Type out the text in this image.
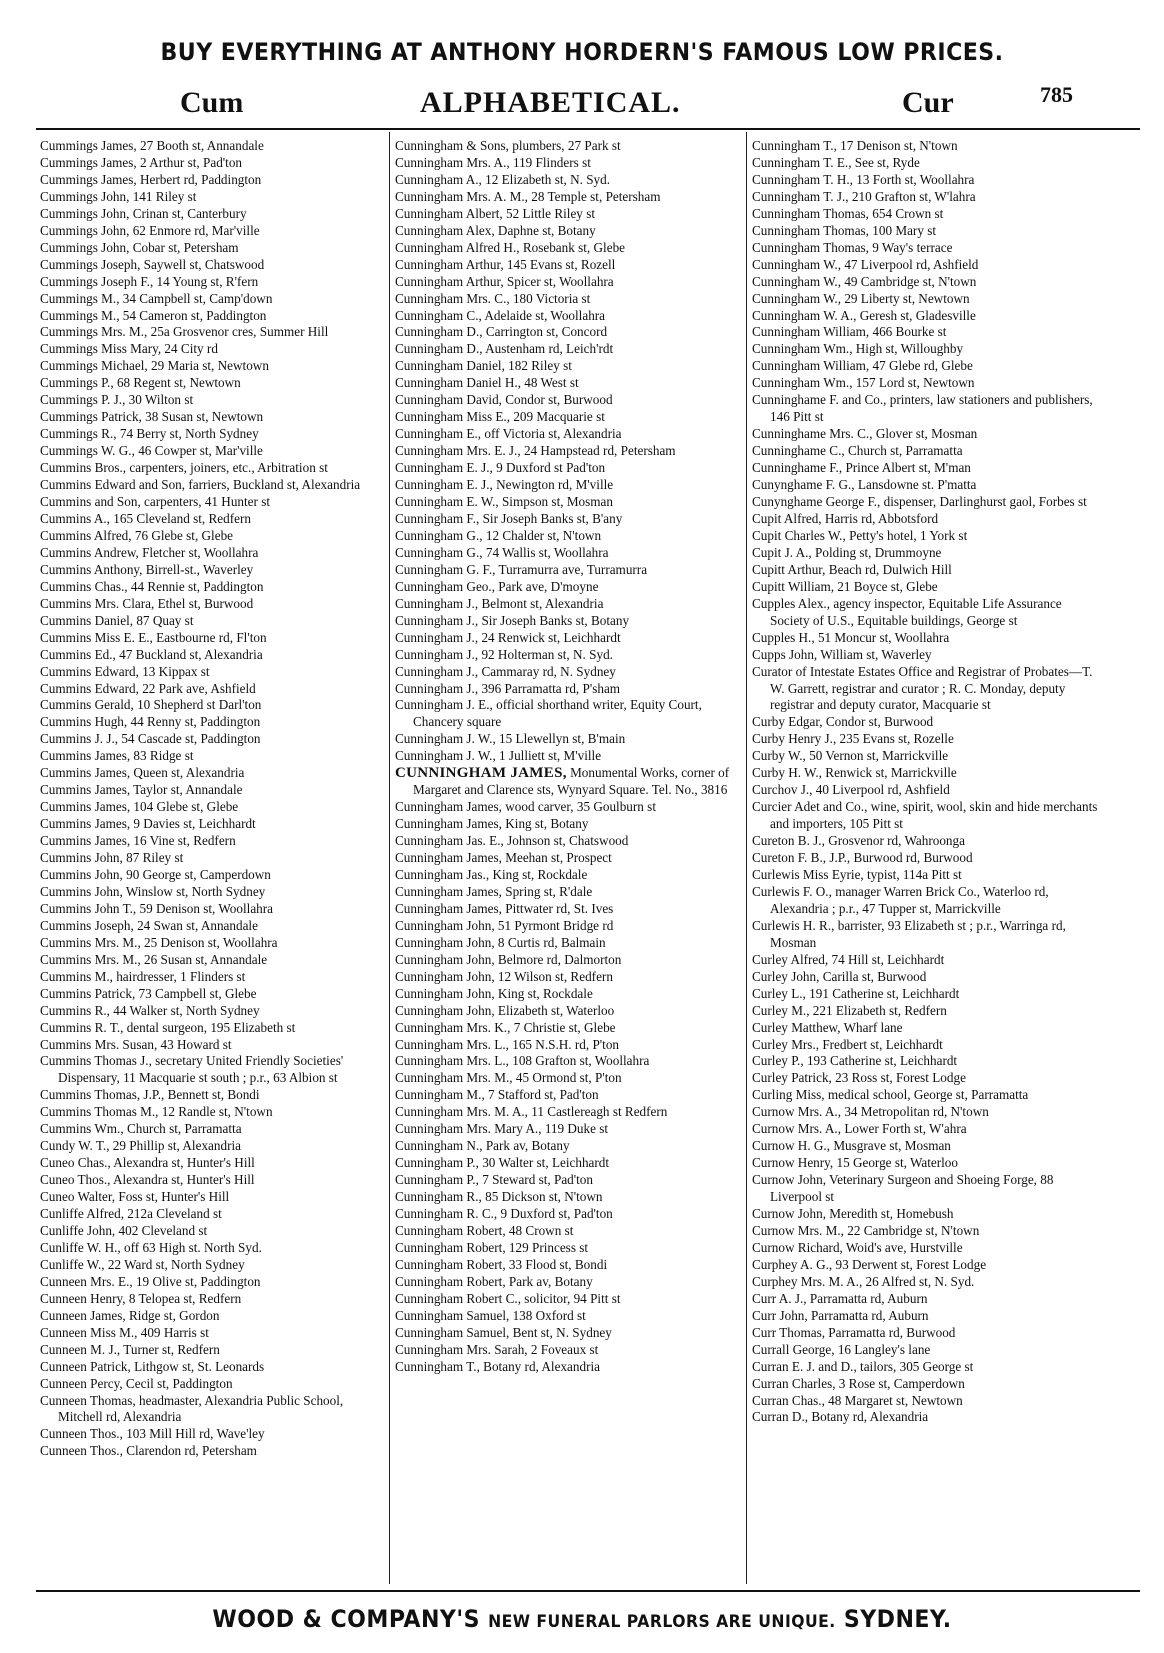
BUY EVERYTHING AT ANTHONY HORDERN'S FAMOUS LOW PRICES.
Cum	ALPHABETICAL.	Cur	785
Cummings James, 27 Booth st, Annandale
Cummings James, 2 Arthur st, Pad'ton
Cummings James, Herbert rd, Paddington
Cummings John, 141 Riley st
Cummings John, Crinan st, Canterbury
Cummings John, 62 Enmore rd, Mar'ville
Cummings John, Cobar st, Petersham
Cummings Joseph, Saywell st, Chatswood
Cummings Joseph F., 14 Young st, R'fern
Cummings M., 34 Campbell st, Camp'down
Cummings M., 54 Cameron st, Paddington
Cummings Mrs. M., 25a Grosvenor cres, Summer Hill
Cummings Miss Mary, 24 City rd
Cummings Michael, 29 Maria st, Newtown
Cummings P., 68 Regent st, Newtown
Cummings P. J., 30 Wilton st
Cummings Patrick, 38 Susan st, Newtown
Cummings R., 74 Berry st, North Sydney
Cummings W. G., 46 Cowper st, Mar'ville
Cummins Bros., carpenters, joiners, etc., Arbitration st
Cummins Edward and Son, farriers, Buckland st, Alexandria
Cummins and Son, carpenters, 41 Hunter st
Cummins A., 165 Cleveland st, Redfern
Cummins Alfred, 76 Glebe st, Glebe
Cummins Andrew, Fletcher st, Woollahra
Cummins Anthony, Birrell-st., Waverley
Cummins Chas., 44 Rennie st, Paddington
Cummins Mrs. Clara, Ethel st, Burwood
Cummins Daniel, 87 Quay st
Cummins Miss E. E., Eastbourne rd, Fl'ton
Cummins Ed., 47 Buckland st, Alexandria
Cummins Edward, 13 Kippax st
Cummins Edward, 22 Park ave, Ashfield
Cummins Gerald, 10 Shepherd st Darl'ton
Cummins Hugh, 44 Renny st, Paddington
Cummins J. J., 54 Cascade st, Paddington
Cummins James, 83 Ridge st
Cummins James, Queen st, Alexandria
Cummins James, Taylor st, Annandale
Cummins James, 104 Glebe st, Glebe
Cummins James, 9 Davies st, Leichhardt
Cummins James, 16 Vine st, Redfern
Cummins John, 87 Riley st
Cummins John, 90 George st, Camperdown
Cummins John, Winslow st, North Sydney
Cummins John T., 59 Denison st, Woollahra
Cummins Joseph, 24 Swan st, Annandale
Cummins Mrs. M., 25 Denison st, Woollahra
Cummins Mrs. M., 26 Susan st, Annandale
Cummins M., hairdresser, 1 Flinders st
Cummins Patrick, 73 Campbell st, Glebe
Cummins R., 44 Walker st, North Sydney
Cummins R. T., dental surgeon, 195 Elizabeth st
Cummins Mrs. Susan, 43 Howard st
Cummins Thomas J., secretary United Friendly Societies' Dispensary, 11 Macquarie st south ; p.r., 63 Albion st
Cummins Thomas, J.P., Bennett st, Bondi
Cummins Thomas M., 12 Randle st, N'town
Cummins Wm., Church st, Parramatta
Cundy W. T., 29 Phillip st, Alexandria
Cuneo Chas., Alexandra st, Hunter's Hill
Cuneo Thos., Alexandra st, Hunter's Hill
Cuneo Walter, Foss st, Hunter's Hill
Cunliffe Alfred, 212a Cleveland st
Cunliffe John, 402 Cleveland st
Cunliffe W. H., off 63 High st. North Syd.
Cunliffe W., 22 Ward st, North Sydney
Cunneen Mrs. E., 19 Olive st, Paddington
Cunneen Henry, 8 Telopea st, Redfern
Cunneen James, Ridge st, Gordon
Cunneen Miss M., 409 Harris st
Cunneen M. J., Turner st, Redfern
Cunneen Patrick, Lithgow st, St. Leonards
Cunneen Percy, Cecil st, Paddington
Cunneen Thomas, headmaster, Alexandria Public School, Mitchell rd, Alexandria
Cunneen Thos., 103 Mill Hill rd, Wave'ley
Cunneen Thos., Clarendon rd, Petersham
Cunningham & Sons, plumbers, 27 Park st
Cunningham Mrs. A., 119 Flinders st
Cunningham A., 12 Elizabeth st, N. Syd.
Cunningham Mrs. A. M., 28 Temple st, Petersham
Cunningham Albert, 52 Little Riley st
Cunningham Alex, Daphne st, Botany
Cunningham Alfred H., Rosebank st, Glebe
Cunningham Arthur, 145 Evans st, Rozell
Cunningham Arthur, Spicer st, Woollahra
Cunningham Mrs. C., 180 Victoria st
Cunningham C., Adelaide st, Woollahra
Cunningham D., Carrington st, Concord
Cunningham D., Austenham rd, Leich'rdt
Cunningham Daniel, 182 Riley st
Cunningham Daniel H., 48 West st
Cunningham David, Condor st, Burwood
Cunningham Miss E., 209 Macquarie st
Cunningham E., off Victoria st, Alexandria
Cunningham Mrs. E. J., 24 Hampstead rd, Petersham
Cunningham E. J., 9 Duxford st Pad'ton
Cunningham E. J., Newington rd, M'ville
Cunningham E. W., Simpson st, Mosman
Cunningham F., Sir Joseph Banks st, B'any
Cunningham G., 12 Chalder st, N'town
Cunningham G., 74 Wallis st, Woollahra
Cunningham G. F., Turramurra ave, Turramurra
Cunningham Geo., Park ave, D'moyne
Cunningham J., Belmont st, Alexandria
Cunningham J., Sir Joseph Banks st, Botany
Cunningham J., 24 Renwick st, Leichhardt
Cunningham J., 92 Holterman st, N. Syd.
Cunningham J., Cammaray rd, N. Sydney
Cunningham J., 396 Parramatta rd, P'sham
Cunningham J. E., official shorthand writer, Equity Court, Chancery square
Cunningham J. W., 15 Llewellyn st, B'main
Cunningham J. W., 1 Julliett st, M'ville
CUNNINGHAM JAMES, Monumental Works, corner of Margaret and Clarence sts, Wynyard Square. Tel. No., 3816
Cunningham James, wood carver, 35 Goulburn st
Cunningham James, King st, Botany
Cunningham Jas. E., Johnson st, Chatswood
Cunningham James, Meehan st, Prospect
Cunningham Jas., King st, Rockdale
Cunningham James, Spring st, R'dale
Cunningham James, Pittwater rd, St. Ives
Cunningham John, 51 Pyrmont Bridge rd
Cunningham John, 8 Curtis rd, Balmain
Cunningham John, Belmore rd, Dalmorton
Cunningham John, 12 Wilson st, Redfern
Cunningham John, King st, Rockdale
Cunningham John, Elizabeth st, Waterloo
Cunningham Mrs. K., 7 Christie st, Glebe
Cunningham Mrs. L., 165 N.S.H. rd, P'ton
Cunningham Mrs. L., 108 Grafton st, Woollahra
Cunningham Mrs. M., 45 Ormond st, P'ton
Cunningham M., 7 Stafford st, Pad'ton
Cunningham Mrs. M. A., 11 Castlereagh st Redfern
Cunningham Mrs. Mary A., 119 Duke st
Cunningham N., Park av, Botany
Cunningham P., 30 Walter st, Leichhardt
Cunningham P., 7 Steward st, Pad'ton
Cunningham R., 85 Dickson st, N'town
Cunningham R. C., 9 Duxford st, Pad'ton
Cunningham Robert, 48 Crown st
Cunningham Robert, 129 Princess st
Cunningham Robert, 33 Flood st, Bondi
Cunningham Robert, Park av, Botany
Cunningham Robert C., solicitor, 94 Pitt st
Cunningham Samuel, 138 Oxford st
Cunningham Samuel, Bent st, N. Sydney
Cunningham Mrs. Sarah, 2 Foveaux st
Cunningham T., Botany rd, Alexandria
Cunningham T., 17 Denison st, N'town
Cunningham T. E., See st, Ryde
Cunningham T. H., 13 Forth st, Woollahra
Cunningham T. J., 210 Grafton st, W'lahra
Cunningham Thomas, 654 Crown st
Cunningham Thomas, 100 Mary st
Cunningham Thomas, 9 Way's terrace
Cunningham W., 47 Liverpool rd, Ashfield
Cunningham W., 49 Cambridge st, N'town
Cunningham W., 29 Liberty st, Newtown
Cunningham W. A., Geresh st, Gladesville
Cunningham William, 466 Bourke st
Cunningham Wm., High st, Willoughby
Cunningham William, 47 Glebe rd, Glebe
Cunningham Wm., 157 Lord st, Newtown
Cunninghame F. and Co., printers, law stationers and publishers, 146 Pitt st
Cunninghame Mrs. C., Glover st, Mosman
Cunninghame C., Church st, Parramatta
Cunninghame F., Prince Albert st, M'man
Cunynghame F. G., Lansdowne st. P'matta
Cunynghame George F., dispenser, Darlinghurst gaol, Forbes st
Cupit Alfred, Harris rd, Abbotsford
Cupit Charles W., Petty's hotel, 1 York st
Cupit J. A., Polding st, Drummoyne
Cupitt Arthur, Beach rd, Dulwich Hill
Cupitt William, 21 Boyce st, Glebe
Cupples Alex., agency inspector, Equitable Life Assurance Society of U.S., Equitable buildings, George st
Cupples H., 51 Moncur st, Woollahra
Cupps John, William st, Waverley
Curator of Intestate Estates Office and Registrar of Probates—T. W. Garrett, registrar and curator ; R. C. Monday, deputy registrar and deputy curator, Macquarie st
Curby Edgar, Condor st, Burwood
Curby Henry J., 235 Evans st, Rozelle
Curby W., 50 Vernon st, Marrickville
Curby H. W., Renwick st, Marrickville
Curchov J., 40 Liverpool rd, Ashfield
Curcier Adet and Co., wine, spirit, wool, skin and hide merchants and importers, 105 Pitt st
Cureton B. J., Grosvenor rd, Wahroonga
Cureton F. B., J.P., Burwood rd, Burwood
Curlewis Miss Eyrie, typist, 114a Pitt st
Curlewis F. O., manager Warren Brick Co., Waterloo rd, Alexandria ; p.r., 47 Tupper st, Marrickville
Curlewis H. R., barrister, 93 Elizabeth st ; p.r., Warringa rd, Mosman
Curley Alfred, 74 Hill st, Leichhardt
Curley John, Carilla st, Burwood
Curley L., 191 Catherine st, Leichhardt
Curley M., 221 Elizabeth st, Redfern
Curley Matthew, Wharf lane
Curley Mrs., Fredbert st, Leichhardt
Curley P., 193 Catherine st, Leichhardt
Curley Patrick, 23 Ross st, Forest Lodge
Curling Miss, medical school, George st, Parramatta
Curnow Mrs. A., 34 Metropolitan rd, N'town
Curnow Mrs. A., Lower Forth st, W'ahra
Curnow H. G., Musgrave st, Mosman
Curnow Henry, 15 George st, Waterloo
Curnow John, Veterinary Surgeon and Shoeing Forge, 88 Liverpool st
Curnow John, Meredith st, Homebush
Curnow Mrs. M., 22 Cambridge st, N'town
Curnow Richard, Woid's ave, Hurstville
Curphey A. G., 93 Derwent st, Forest Lodge
Curphey Mrs. M. A., 26 Alfred st, N. Syd.
Curr A. J., Parramatta rd, Auburn
Curr John, Parramatta rd, Auburn
Curr Thomas, Parramatta rd, Burwood
Currall George, 16 Langley's lane
Curran E. J. and D., tailors, 305 George st
Curran Charles, 3 Rose st, Camperdown
Curran Chas., 48 Margaret st, Newtown
Curran D., Botany rd, Alexandria
WOOD & COMPANY'S NEW FUNERAL PARLORS ARE UNIQUE. SYDNEY.
